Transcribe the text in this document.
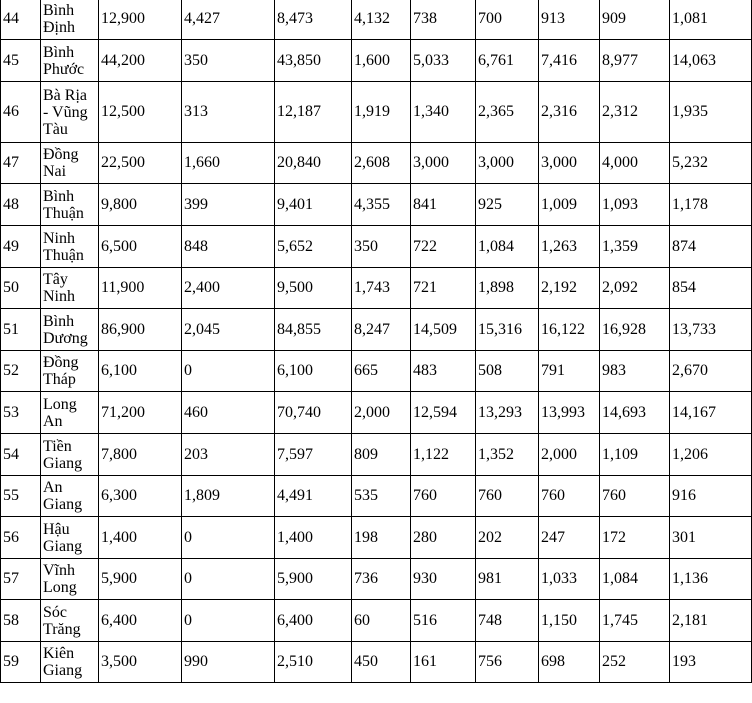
44	Bình Định	12,900	4,427	8,473	4,132	738	700	913	909	1,081
45	Bình Phước	44,200	350	43,850	1,600	5,033	6,761	7,416	8,977	14,063
46	Bà Rịa - Vũng Tàu	12,500	313	12,187	1,919	1,340	2,365	2,316	2,312	1,935
47	Đồng Nai	22,500	1,660	20,840	2,608	3,000	3,000	3,000	4,000	5,232
48	Bình Thuận	9,800	399	9,401	4,355	841	925	1,009	1,093	1,178
49	Ninh Thuận	6,500	848	5,652	350	722	1,084	1,263	1,359	874
50	Tây Ninh	11,900	2,400	9,500	1,743	721	1,898	2,192	2,092	854
51	Bình Dương	86,900	2,045	84,855	8,247	14,509	15,316	16,122	16,928	13,733
52	Đồng Tháp	6,100	0	6,100	665	483	508	791	983	2,670
53	Long An	71,200	460	70,740	2,000	12,594	13,293	13,993	14,693	14,167
54	Tiền Giang	7,800	203	7,597	809	1,122	1,352	2,000	1,109	1,206
55	An Giang	6,300	1,809	4,491	535	760	760	760	760	916
56	Hậu Giang	1,400	0	1,400	198	280	202	247	172	301
57	Vĩnh Long	5,900	0	5,900	736	930	981	1,033	1,084	1,136
58	Sóc Trăng	6,400	0	6,400	60	516	748	1,150	1,745	2,181
59	Kiên Giang	3,500	990	2,510	450	161	756	698	252	193
